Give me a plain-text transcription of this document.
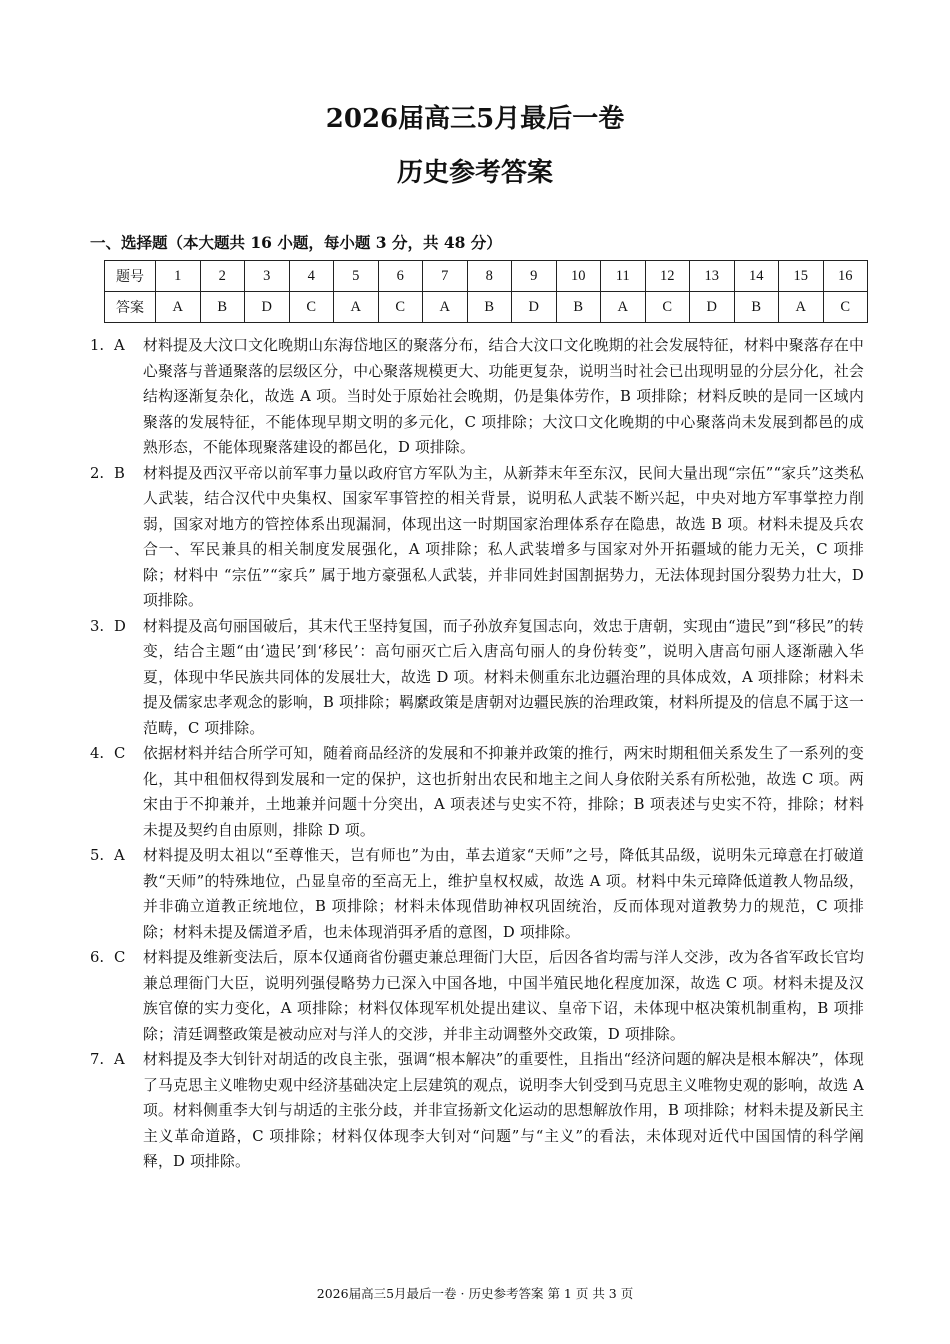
2026届高三5月最后一卷
历史参考答案
一、选择题（本大题共 16 小题，每小题 3 分，共 48 分）
题号	1	2	3	4	5	6	7	8	9	10	11	12	13	14	15	16
答案	A	B	D	C	A	C	A	B	D	B	A	C	D	B	A	C
1. A	材料提及大汶口文化晚期山东海岱地区的聚落分布，结合大汶口文化晚期的社会发展特征，材料中聚落存在中心聚落与普通聚落的层级区分，中心聚落规模更大、功能更复杂，说明当时社会已出现明显的分层分化，社会结构逐渐复杂化，故选 A 项。当时处于原始社会晚期，仍是集体劳作，B 项排除；材料反映的是同一区域内聚落的发展特征，不能体现早期文明的多元化，C 项排除；大汶口文化晚期的中心聚落尚未发展到都邑的成熟形态，不能体现聚落建设的都邑化，D 项排除。
2. B	材料提及西汉平帝以前军事力量以政府官方军队为主，从新莽末年至东汉，民间大量出现“宗伍”“家兵”这类私人武装，结合汉代中央集权、国家军事管控的相关背景，说明私人武装不断兴起，中央对地方军事掌控力削弱，国家对地方的管控体系出现漏洞，体现出这一时期国家治理体系存在隐患，故选 B 项。材料未提及兵农合一、军民兼具的相关制度发展强化，A 项排除；私人武装增多与国家对外开拓疆域的能力无关，C 项排除；材料中 “宗伍”“家兵” 属于地方豪强私人武装，并非同姓封国割据势力，无法体现封国分裂势力壮大，D 项排除。
3. D	材料提及高句丽国破后，其末代王坚持复国，而子孙放弃复国志向，效忠于唐朝，实现由“遗民”到“移民”的转变，结合主题“由‘遗民’到‘移民’：高句丽灭亡后入唐高句丽人的身份转变”，说明入唐高句丽人逐渐融入华夏，体现中华民族共同体的发展壮大，故选 D 项。材料未侧重东北边疆治理的具体成效，A 项排除；材料未提及儒家忠孝观念的影响，B 项排除；羁縻政策是唐朝对边疆民族的治理政策，材料所提及的信息不属于这一范畴，C 项排除。
4. C	依据材料并结合所学可知，随着商品经济的发展和不抑兼并政策的推行，两宋时期租佃关系发生了一系列的变化，其中租佃权得到发展和一定的保护，这也折射出农民和地主之间人身依附关系有所松弛，故选 C 项。两宋由于不抑兼并，土地兼并问题十分突出，A 项表述与史实不符，排除；B 项表述与史实不符，排除；材料未提及契约自由原则，排除 D 项。
5. A	材料提及明太祖以“至尊惟天，岂有师也”为由，革去道家“天师”之号，降低其品级，说明朱元璋意在打破道教“天师”的特殊地位，凸显皇帝的至高无上，维护皇权权威，故选 A 项。材料中朱元璋降低道教人物品级，并非确立道教正统地位，B 项排除；材料未体现借助神权巩固统治，反而体现对道教势力的规范，C 项排除；材料未提及儒道矛盾，也未体现消弭矛盾的意图，D 项排除。
6. C	材料提及维新变法后，原本仅通商省份疆吏兼总理衙门大臣，后因各省均需与洋人交涉，改为各省军政长官均兼总理衙门大臣，说明列强侵略势力已深入中国各地，中国半殖民地化程度加深，故选 C 项。材料未提及汉族官僚的实力变化，A 项排除；材料仅体现军机处提出建议、皇帝下诏，未体现中枢决策机制重构，B 项排除；清廷调整政策是被动应对与洋人的交涉，并非主动调整外交政策，D 项排除。
7. A	材料提及李大钊针对胡适的改良主张，强调“根本解决”的重要性，且指出“经济问题的解决是根本解决”，体现了马克思主义唯物史观中经济基础决定上层建筑的观点，说明李大钊受到马克思主义唯物史观的影响，故选 A 项。材料侧重李大钊与胡适的主张分歧，并非宣扬新文化运动的思想解放作用，B 项排除；材料未提及新民主主义革命道路，C 项排除；材料仅体现李大钊对“问题”与“主义”的看法，未体现对近代中国国情的科学阐释，D 项排除。
2026届高三5月最后一卷 · 历史参考答案 第 1 页 共 3 页
